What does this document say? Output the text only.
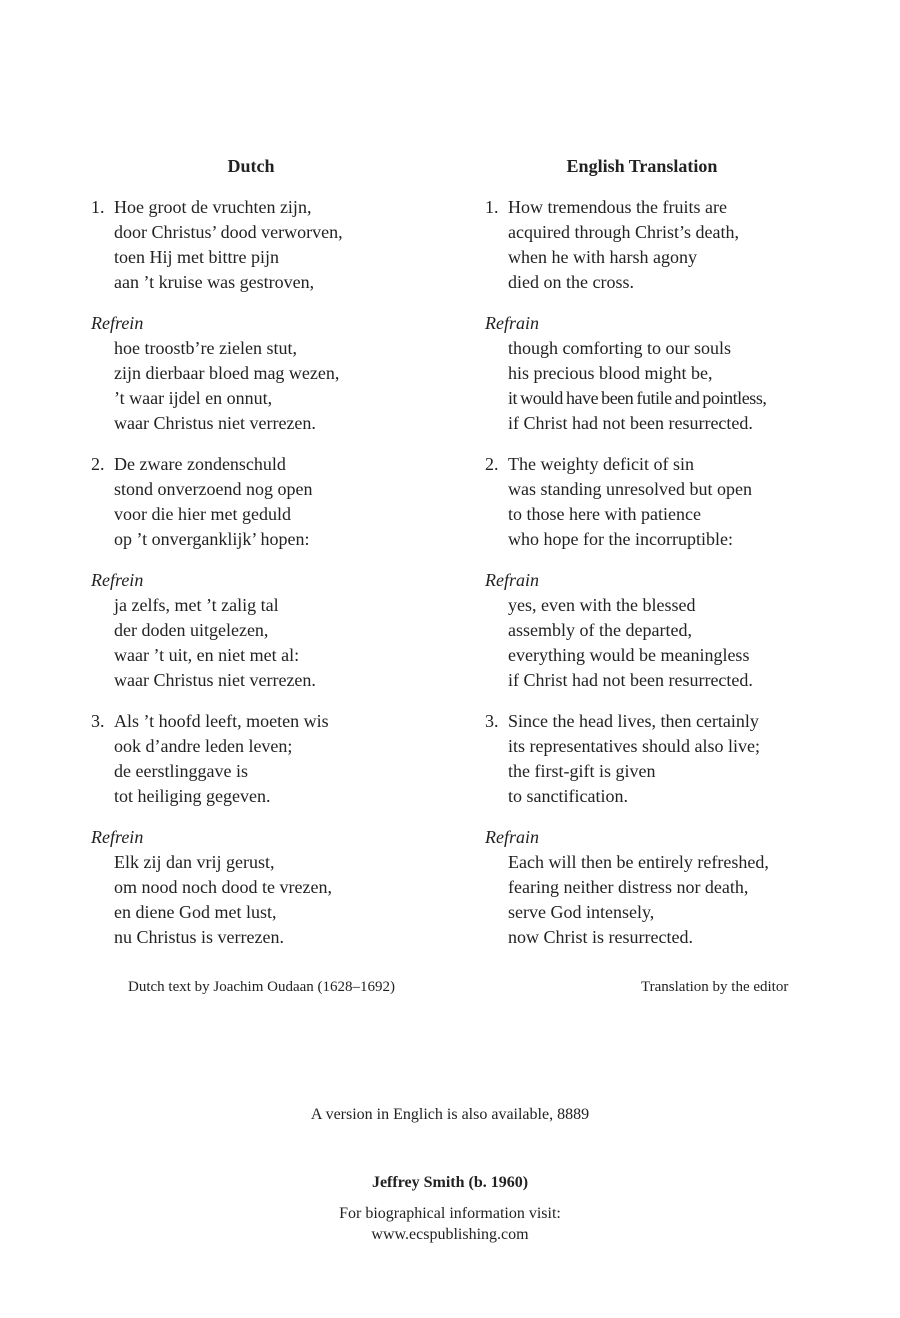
Dutch
1. Hoe groot de vruchten zijn,
door Christus’ dood verworven,
toen Hij met bittre pijn
aan ’t kruise was gestroven,
Refrein
hoe troostb’re zielen stut,
zijn dierbaar bloed mag wezen,
’t waar ijdel en onnut,
waar Christus niet verrezen.
2. De zware zondenschuld
stond onverzoend nog open
voor die hier met geduld
op ’t onverganklijk’ hopen:
Refrein
ja zelfs, met ’t zalig tal
der doden uitgelezen,
waar ’t uit, en niet met al:
waar Christus niet verrezen.
3. Als ’t hoofd leeft, moeten wis
ook d’andre leden leven;
de eerstlinggave is
tot heiliging gegeven.
Refrein
Elk zij dan vrij gerust,
om nood noch dood te vrezen,
en diene God met lust,
nu Christus is verrezen.
English Translation
1. How tremendous the fruits are
acquired through Christ’s death,
when he with harsh agony
died on the cross.
Refrain
though comforting to our souls
his precious blood might be,
it would have been futile and pointless,
if Christ had not been resurrected.
2. The weighty deficit of sin
was standing unresolved but open
to those here with patience
who hope for the incorruptible:
Refrain
yes, even with the blessed
assembly of the departed,
everything would be meaningless
if Christ had not been resurrected.
3. Since the head lives, then certainly
its representatives should also live;
the first-gift is given
to sanctification.
Refrain
Each will then be entirely refreshed,
fearing neither distress nor death,
serve God intensely,
now Christ is resurrected.
Dutch text by Joachim Oudaan (1628–1692)	Translation by the editor
A version in Englich is also available, 8889
Jeffrey Smith (b. 1960)
For biographical information visit:
www.ecspublishing.com
